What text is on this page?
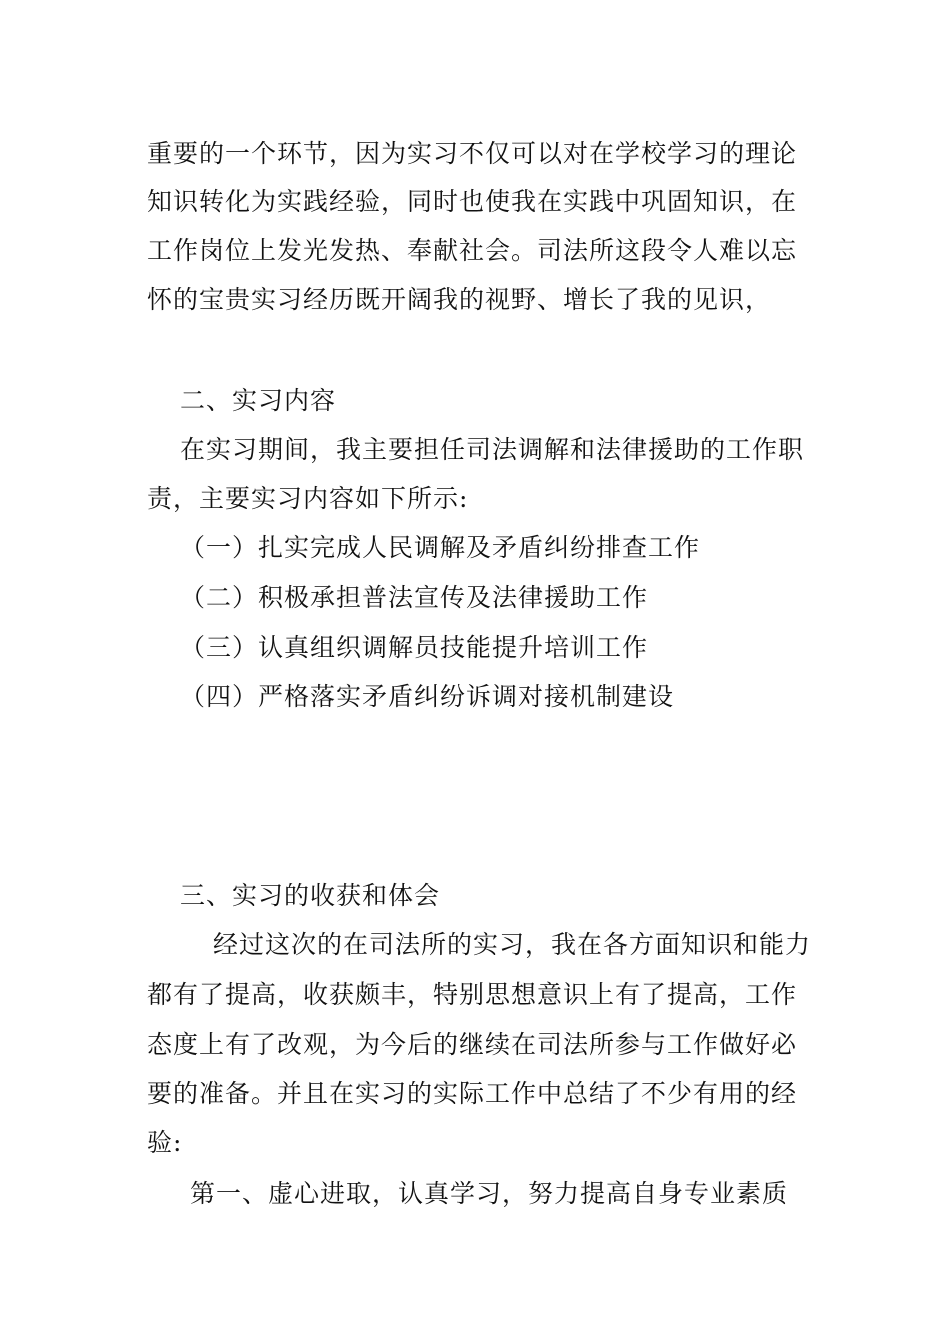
重要的一个环节，因为实习不仅可以对在学校学习的理论
知识转化为实践经验，同时也使我在实践中巩固知识，在
工作岗位上发光发热、奉献社会。司法所这段令人难以忘
怀的宝贵实习经历既开阔我的视野、增长了我的见识，
二、实习内容
在实习期间，我主要担任司法调解和法律援助的工作职
责，主要实习内容如下所示:
（一）扎实完成人民调解及矛盾纠纷排查工作
（二）积极承担普法宣传及法律援助工作
（三）认真组织调解员技能提升培训工作
（四）严格落实矛盾纠纷诉调对接机制建设
三、实习的收获和体会
经过这次的在司法所的实习，我在各方面知识和能力
都有了提高，收获颇丰，特别思想意识上有了提高，工作
态度上有了改观，为今后的继续在司法所参与工作做好必
要的准备。并且在实习的实际工作中总结了不少有用的经
验:
第一、虚心进取，认真学习，努力提高自身专业素质
